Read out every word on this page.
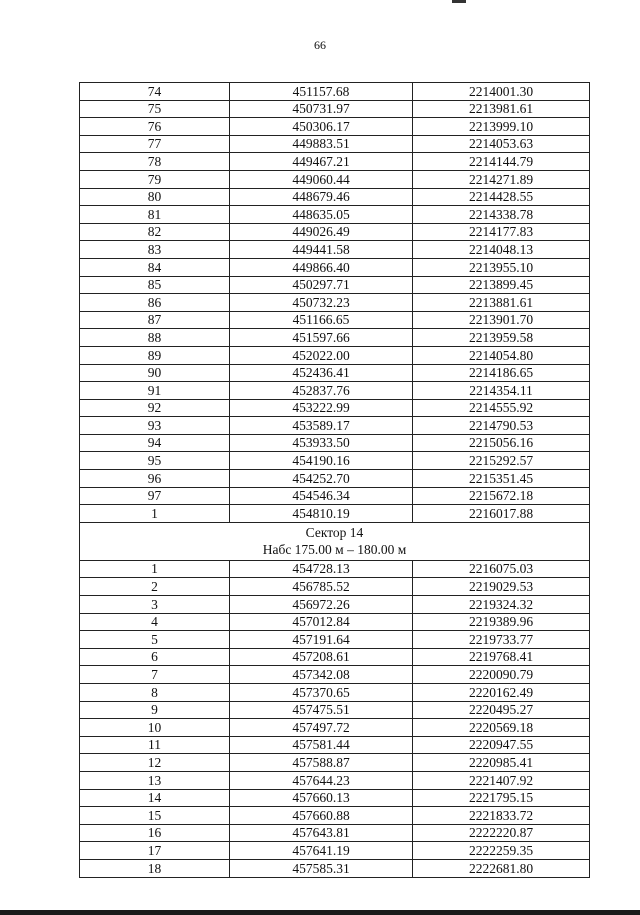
66
74	451157.68	2214001.30
75	450731.97	2213981.61
76	450306.17	2213999.10
77	449883.51	2214053.63
78	449467.21	2214144.79
79	449060.44	2214271.89
80	448679.46	2214428.55
81	448635.05	2214338.78
82	449026.49	2214177.83
83	449441.58	2214048.13
84	449866.40	2213955.10
85	450297.71	2213899.45
86	450732.23	2213881.61
87	451166.65	2213901.70
88	451597.66	2213959.58
89	452022.00	2214054.80
90	452436.41	2214186.65
91	452837.76	2214354.11
92	453222.99	2214555.92
93	453589.17	2214790.53
94	453933.50	2215056.16
95	454190.16	2215292.57
96	454252.70	2215351.45
97	454546.34	2215672.18
1	454810.19	2216017.88

Сектор 14
Набс 175.00 м – 180.00 м		

1	454728.13	2216075.03
2	456785.52	2219029.53
3	456972.26	2219324.32
4	457012.84	2219389.96
5	457191.64	2219733.77
6	457208.61	2219768.41
7	457342.08	2220090.79
8	457370.65	2220162.49
9	457475.51	2220495.27
10	457497.72	2220569.18
11	457581.44	2220947.55
12	457588.87	2220985.41
13	457644.23	2221407.92
14	457660.13	2221795.15
15	457660.88	2221833.72
16	457643.81	2222220.87
17	457641.19	2222259.35
18	457585.31	2222681.80
